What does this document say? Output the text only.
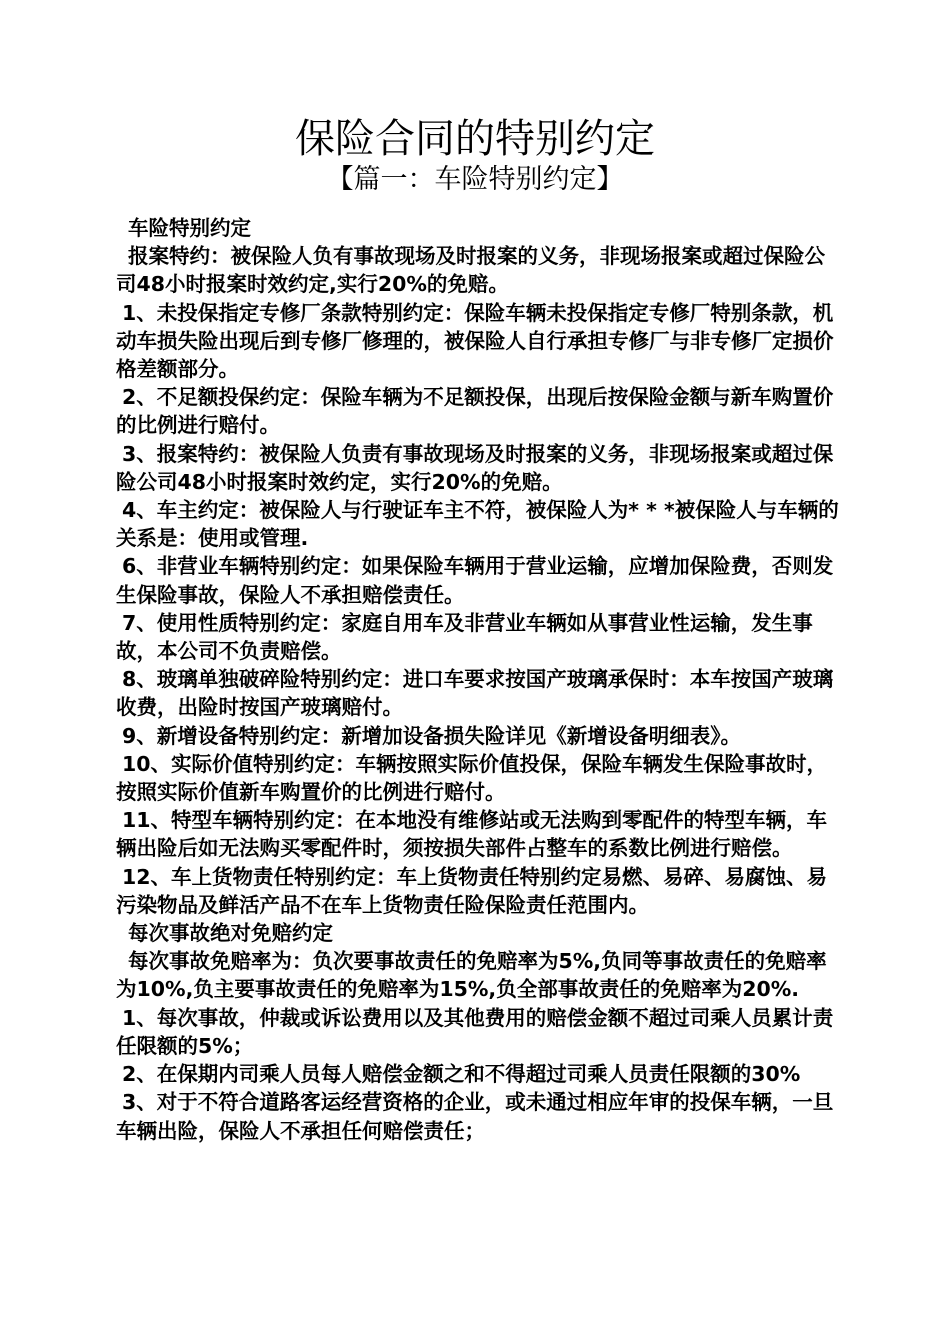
保险合同的特别约定
【篇一：车险特别约定】

车险特别约定

报案特约：被保险人负有事故现场及时报案的义务，非现场报案或超过保险公司48小时报案时效约定,实行20%的免赔。

1、未投保指定专修厂条款特别约定：保险车辆未投保指定专修厂特别条款，机动车损失险出现后到专修厂修理的，被保险人自行承担专修厂与非专修厂定损价格差额部分。

2、不足额投保约定：保险车辆为不足额投保，出现后按保险金额与新车购置价的比例进行赔付。

3、报案特约：被保险人负责有事故现场及时报案的义务，非现场报案或超过保险公司48小时报案时效约定，实行20%的免赔。

4、车主约定：被保险人与行驶证车主不符，被保险人为* * *被保险人与车辆的关系是：使用或管理.

6、非营业车辆特别约定：如果保险车辆用于营业运输，应增加保险费，否则发生保险事故，保险人不承担赔偿责任。

7、使用性质特别约定：家庭自用车及非营业车辆如从事营业性运输，发生事故，本公司不负责赔偿。

8、玻璃单独破碎险特别约定：进口车要求按国产玻璃承保时：本车按国产玻璃收费，出险时按国产玻璃赔付。

9、新增设备特别约定：新增加设备损失险详见《新增设备明细表》。

10、实际价值特别约定：车辆按照实际价值投保，保险车辆发生保险事故时，按照实际价值新车购置价的比例进行赔付。

11、特型车辆特别约定：在本地没有维修站或无法购到零配件的特型车辆，车辆出险后如无法购买零配件时，须按损失部件占整车的系数比例进行赔偿。

12、车上货物责任特别约定：车上货物责任特别约定易燃、易碎、易腐蚀、易污染物品及鲜活产品不在车上货物责任险保险责任范围内。

每次事故绝对免赔约定

每次事故免赔率为：负次要事故责任的免赔率为5%,负同等事故责任的免赔率为10%,负主要事故责任的免赔率为15%,负全部事故责任的免赔率为20%.

1、每次事故，仲裁或诉讼费用以及其他费用的赔偿金额不超过司乘人员累计责任限额的5%；

2、在保期内司乘人员每人赔偿金额之和不得超过司乘人员责任限额的30%

3、对于不符合道路客运经营资格的企业，或未通过相应年审的投保车辆，一旦车辆出险，保险人不承担任何赔偿责任；
